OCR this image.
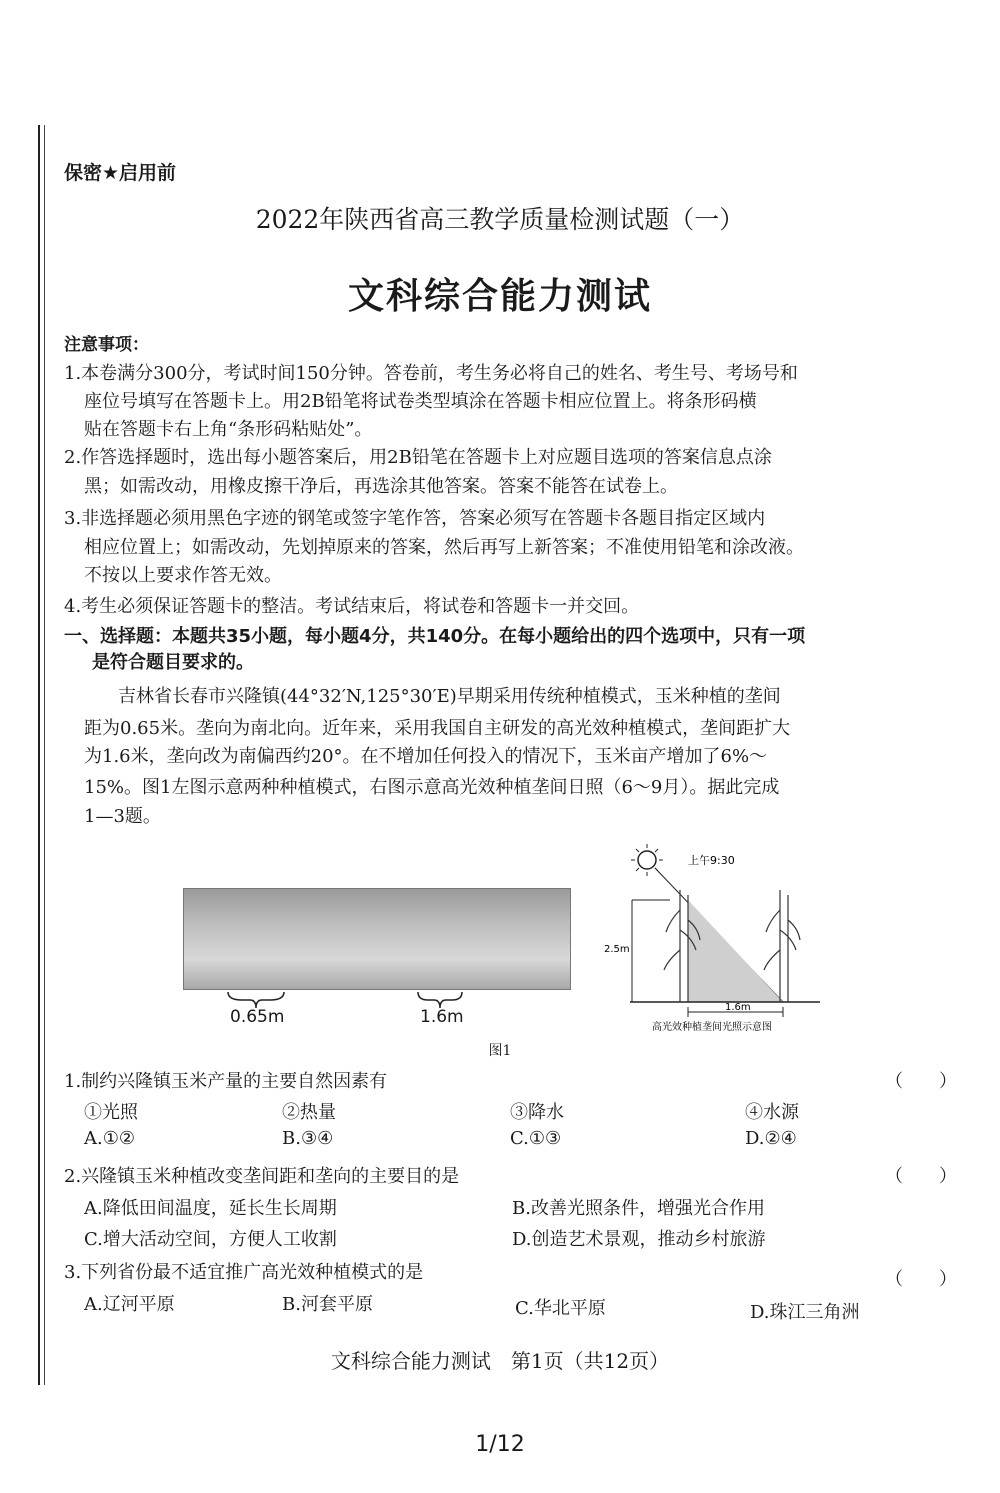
保密★启用前
2022年陕西省高三教学质量检测试题（一）
文科综合能力测试
注意事项：
1.本卷满分300分，考试时间150分钟。答卷前，考生务必将自己的姓名、考生号、考场号和
座位号填写在答题卡上。用2B铅笔将试卷类型填涂在答题卡相应位置上。将条形码横
贴在答题卡右上角“条形码粘贴处”。
2.作答选择题时，选出每小题答案后，用2B铅笔在答题卡上对应题目选项的答案信息点涂
黑；如需改动，用橡皮擦干净后，再选涂其他答案。答案不能答在试卷上。
3.非选择题必须用黑色字迹的钢笔或签字笔作答，答案必须写在答题卡各题目指定区域内
相应位置上；如需改动，先划掉原来的答案，然后再写上新答案；不准使用铅笔和涂改液。
不按以上要求作答无效。
4.考生必须保证答题卡的整洁。考试结束后，将试卷和答题卡一并交回。
一、选择题：本题共35小题，每小题4分，共140分。在每小题给出的四个选项中，只有一项
是符合题目要求的。
吉林省长春市兴隆镇(44°32′N,125°30′E)早期采用传统种植模式，玉米种植的垄间
距为0.65米。垄向为南北向。近年来，采用我国自主研发的高光效种植模式，垄间距扩大
为1.6米，垄向改为南偏西约20°。在不增加任何投入的情况下，玉米亩产增加了6%～
15%。图1左图示意两种种植模式，右图示意高光效种植垄间日照（6～9月）。据此完成
1—3题。
0.65m	1.6m
上午9:30
2.5m
1.6m
高光效种植垄间光照示意图
图1
1.制约兴隆镇玉米产量的主要自然因素有	（　　）
①光照	②热量	③降水	④水源
A.①②	B.③④	C.①③	D.②④
2.兴隆镇玉米种植改变垄间距和垄向的主要目的是	（　　）
A.降低田间温度，延长生长周期	B.改善光照条件，增强光合作用
C.增大活动空间，方便人工收割	D.创造艺术景观，推动乡村旅游
3.下列省份最不适宜推广高光效种植模式的是	（　　）
A.辽河平原	B.河套平原	C.华北平原	D.珠江三角洲
文科综合能力测试　第1页（共12页）
1/12
